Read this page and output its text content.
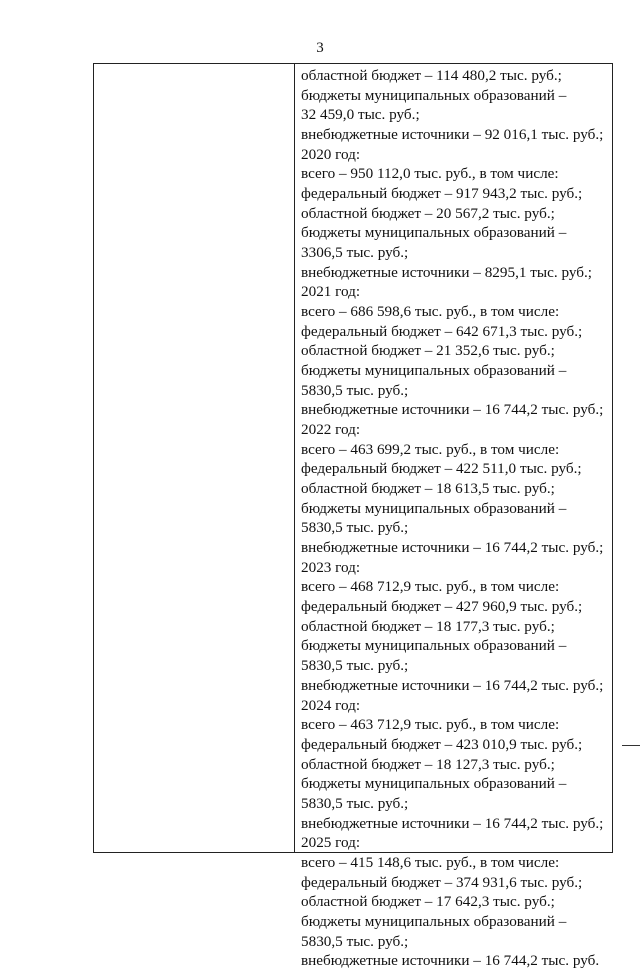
3
областной бюджет – 114 480,2 тыс. руб.;
бюджеты муниципальных образований –
32 459,0 тыс. руб.;
внебюджетные источники – 92 016,1 тыс. руб.;
2020 год:
всего – 950 112,0 тыс. руб., в том числе:
федеральный бюджет – 917 943,2 тыс. руб.;
областной бюджет – 20 567,2 тыс. руб.;
бюджеты муниципальных образований –
3306,5 тыс. руб.;
внебюджетные источники – 8295,1 тыс. руб.;
2021 год:
всего – 686 598,6 тыс. руб., в том числе:
федеральный бюджет – 642 671,3 тыс. руб.;
областной бюджет – 21 352,6 тыс. руб.;
бюджеты муниципальных образований –
5830,5 тыс. руб.;
внебюджетные источники – 16 744,2 тыс. руб.;
2022 год:
всего – 463 699,2 тыс. руб., в том числе:
федеральный бюджет – 422 511,0 тыс. руб.;
областной бюджет – 18 613,5 тыс. руб.;
бюджеты муниципальных образований –
5830,5 тыс. руб.;
внебюджетные источники – 16 744,2 тыс. руб.;
2023 год:
всего – 468 712,9 тыс. руб., в том числе:
федеральный бюджет – 427 960,9 тыс. руб.;
областной бюджет – 18 177,3 тыс. руб.;
бюджеты муниципальных образований –
5830,5 тыс. руб.;
внебюджетные источники – 16 744,2 тыс. руб.;
2024 год:
всего – 463 712,9 тыс. руб., в том числе:
федеральный бюджет – 423 010,9 тыс. руб.;
областной бюджет – 18 127,3 тыс. руб.;
бюджеты муниципальных образований –
5830,5 тыс. руб.;
внебюджетные источники – 16 744,2 тыс. руб.;
2025 год:
всего – 415 148,6 тыс. руб., в том числе:
федеральный бюджет – 374 931,6 тыс. руб.;
областной бюджет – 17 642,3 тыс. руб.;
бюджеты муниципальных образований –
5830,5 тыс. руб.;
внебюджетные источники – 16 744,2 тыс. руб.
